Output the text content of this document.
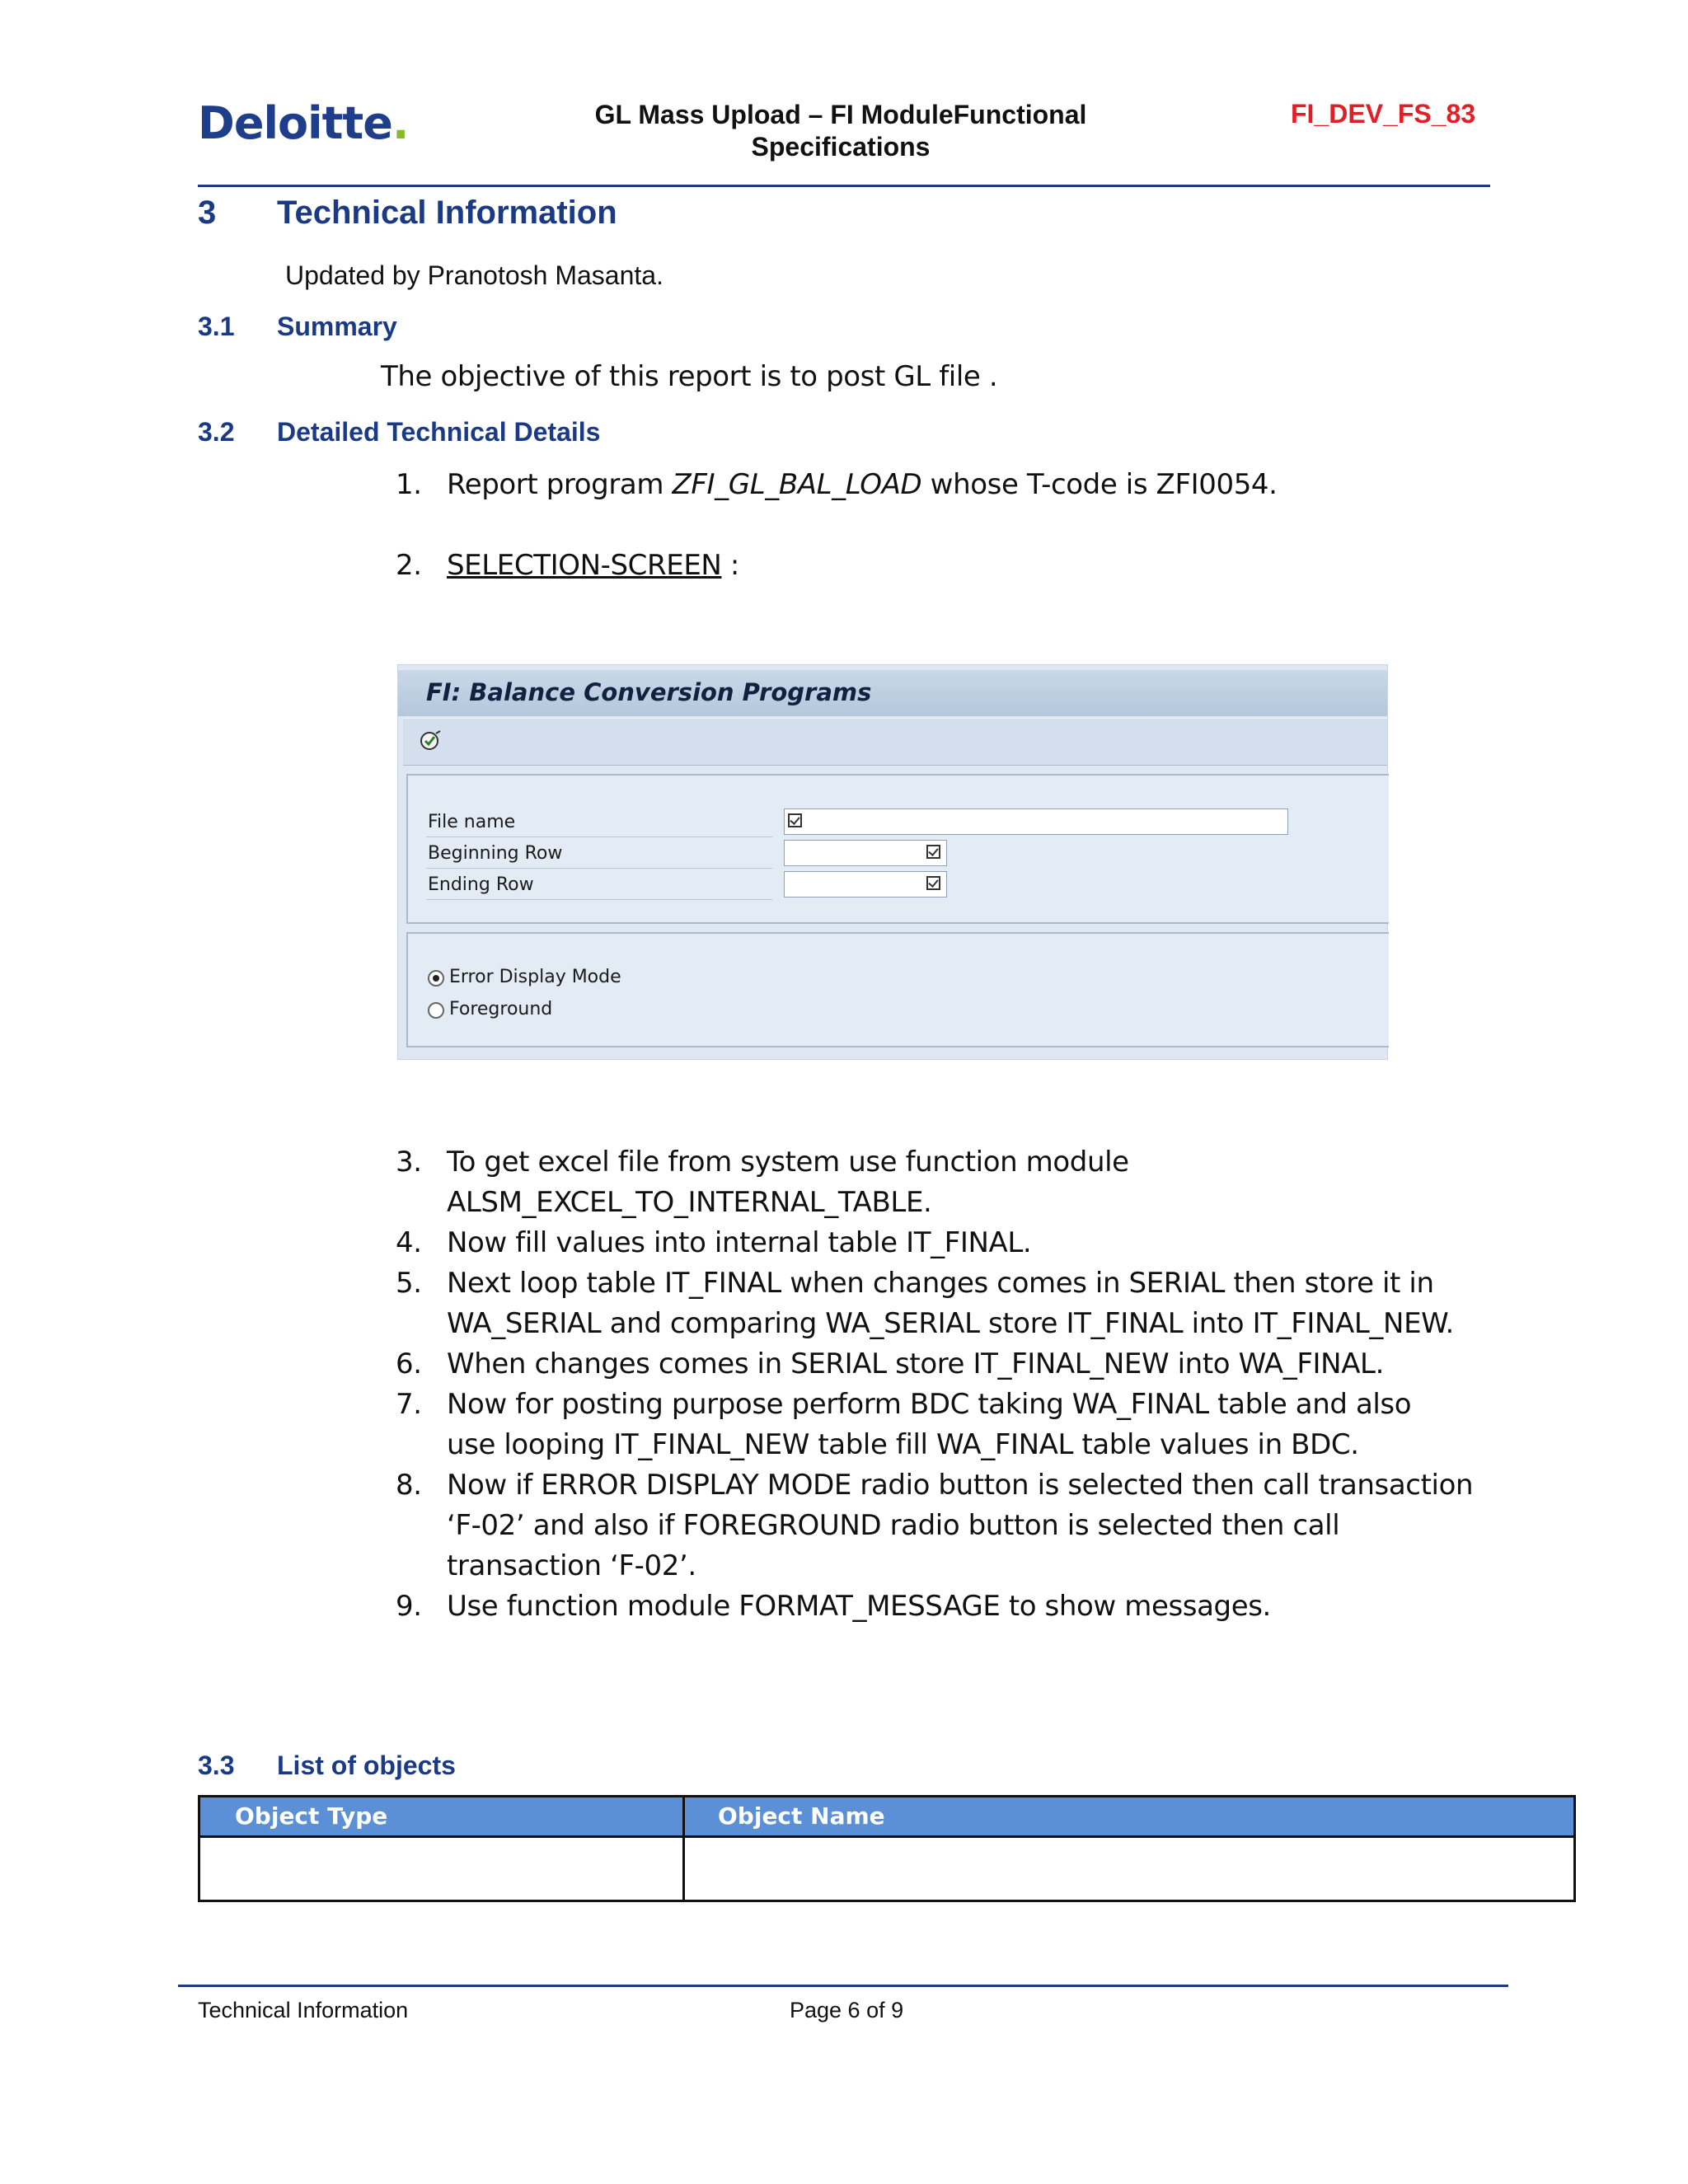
Deloitte.	GL Mass Upload – FI ModuleFunctional
Specifications
FI_DEV_FS_83
3 Technical Information
Updated by Pranotosh Masanta.
3.1 Summary
The objective of this report is to post GL file .
3.2 Detailed Technical Details
1. Report program ZFI_GL_BAL_LOAD whose T-code is ZFI0054.
2. SELECTION-SCREEN :
FI: Balance Conversion Programs
File name
Beginning Row
Ending Row
Error Display Mode
Foreground
3. To get excel file from system use function module ALSM_EXCEL_TO_INTERNAL_TABLE.
4. Now fill values into internal table IT_FINAL.
5. Next loop table IT_FINAL when changes comes in SERIAL then store it in WA_SERIAL and comparing WA_SERIAL store IT_FINAL into IT_FINAL_NEW.
6. When changes comes in SERIAL store IT_FINAL_NEW into WA_FINAL.
7. Now for posting purpose perform BDC taking WA_FINAL table and also use looping IT_FINAL_NEW table fill WA_FINAL table values in BDC.
8. Now if ERROR DISPLAY MODE radio button is selected then call transaction ‘F-02’ and also if FOREGROUND radio button is selected then call transaction ‘F-02’.
9. Use function module FORMAT_MESSAGE to show messages.
3.3 List of objects
Object Type	Object Name
Technical Information	Page 6 of 9
